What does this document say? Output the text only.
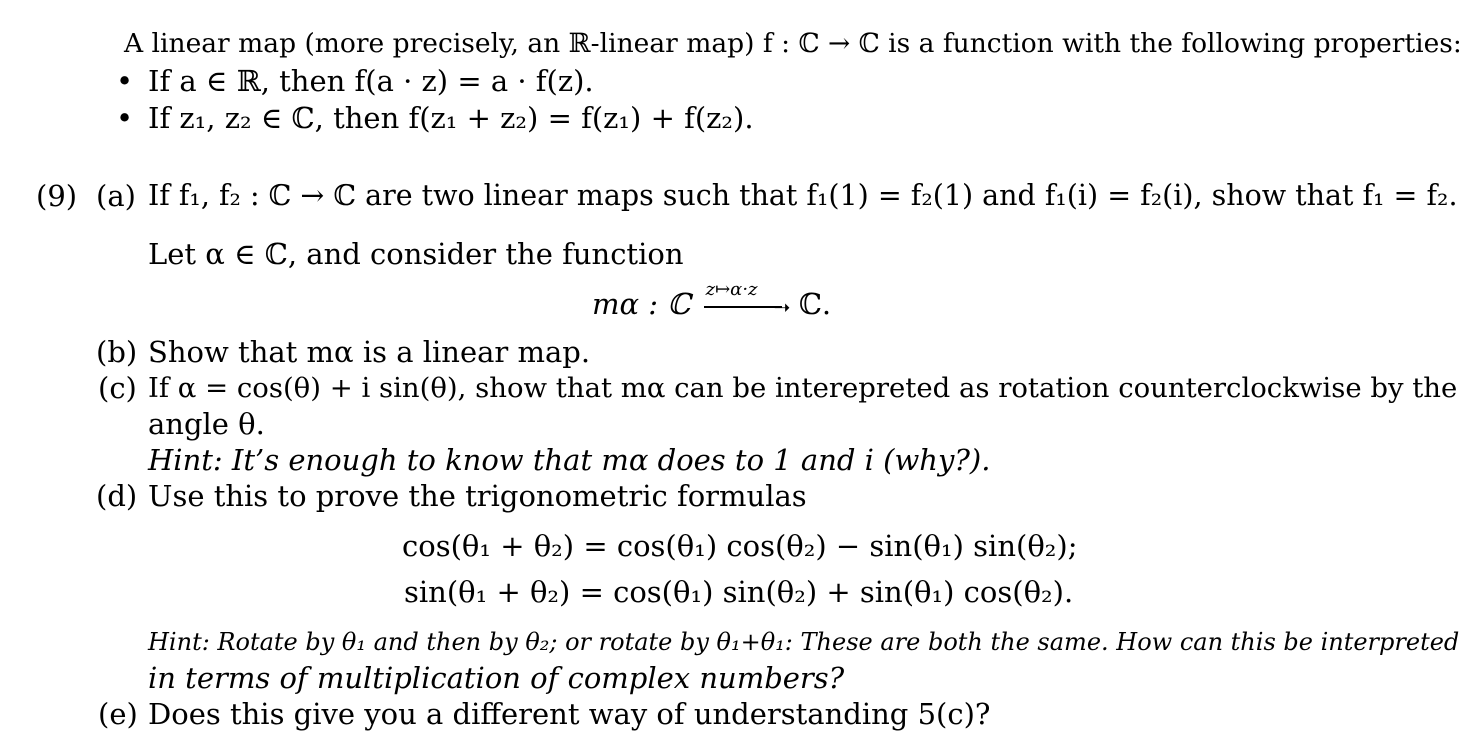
A linear map (more precisely, an ℝ-linear map) f : ℂ → ℂ is a function with the following properties:
• If a ∈ ℝ, then f(a · z) = a · f(z).
• If z₁, z₂ ∈ ℂ, then f(z₁ + z₂) = f(z₁) + f(z₂).
(9) (a) If f₁, f₂ : ℂ → ℂ are two linear maps such that f₁(1) = f₂(1) and f₁(i) = f₂(i), show that f₁ = f₂.
Let α ∈ ℂ, and consider the function
mα : ℂ z↦α·z
➝ ℂ.
(b) Show that mα is a linear map.
(c) If α = cos(θ) + i sin(θ), show that mα can be interepreted as rotation counterclockwise by the
angle θ.
Hint: It’s enough to know that mα does to 1 and i (why?).
(d) Use this to prove the trigonometric formulas
cos(θ₁ + θ₂) = cos(θ₁) cos(θ₂) − sin(θ₁) sin(θ₂);
sin(θ₁ + θ₂) = cos(θ₁) sin(θ₂) + sin(θ₁) cos(θ₂).
Hint: Rotate by θ₁ and then by θ₂; or rotate by θ₁+θ₁: These are both the same. How can this be interpreted
in terms of multiplication of complex numbers?
(e) Does this give you a different way of understanding 5(c)?
